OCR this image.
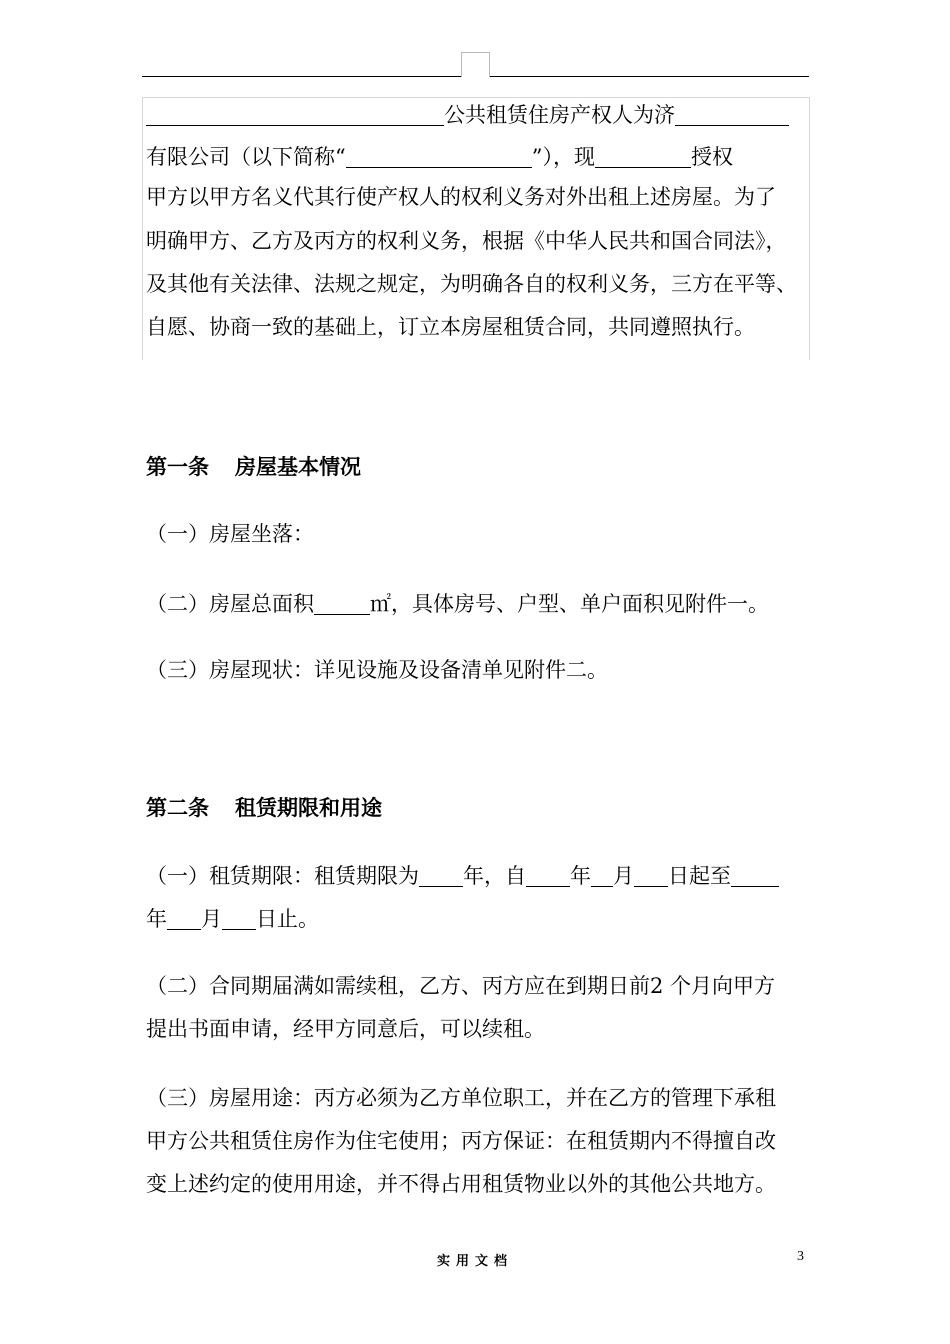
公共租赁住房产权人为济
有限公司（以下简称“	”），现	授权
甲方以甲方名义代其行使产权人的权利义务对外出租上述房屋。为了
明确甲方、乙方及丙方的权利义务，根据《中华人民共和国合同法》，
及其他有关法律、法规之规定，为明确各自的权利义务，三方在平等、
自愿、协商一致的基础上，订立本房屋租赁合同，共同遵照执行。
第一条 房屋基本情况
（一）房屋坐落：
（二）房屋总面积	㎡，具体房号、户型、单户面积见附件一。
（三）房屋现状：详见设施及设备清单见附件二。
第二条 租赁期限和用途
（一）租赁期限：租赁期限为 年，自 年 月 日起至
年 月 日止。
（二）合同期届满如需续租，乙方、丙方应在到期日前2 个月向甲方
提出书面申请，经甲方同意后，可以续租。
（三）房屋用途：丙方必须为乙方单位职工，并在乙方的管理下承租
甲方公共租赁住房作为住宅使用；丙方保证：在租赁期内不得擅自改
变上述约定的使用用途，并不得占用租赁物业以外的其他公共地方。
实用文档	3
